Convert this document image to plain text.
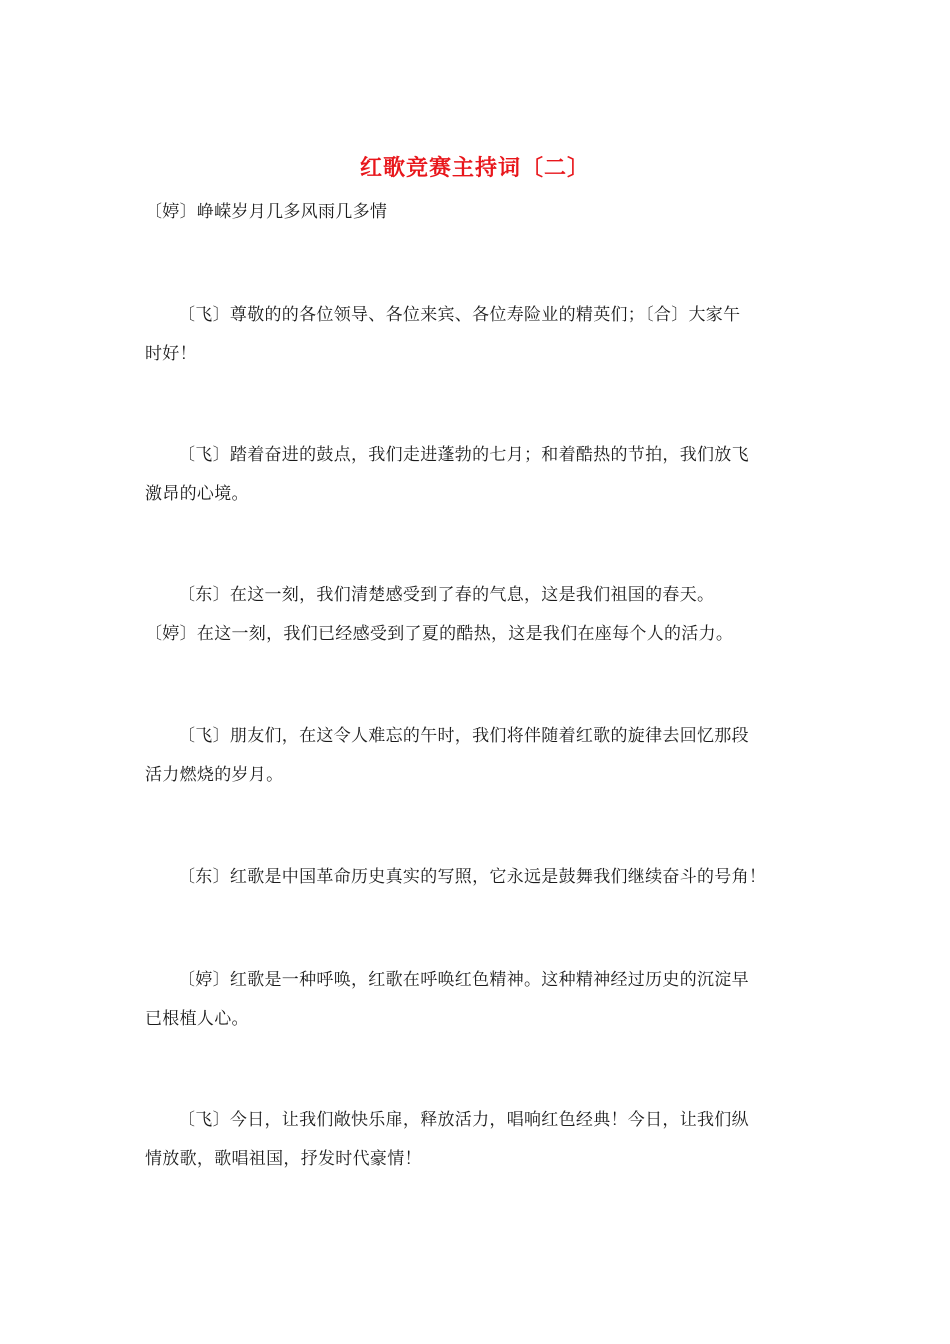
红歌竞赛主持词〔二〕
〔婷〕峥嵘岁月几多风雨几多情
〔飞〕尊敬的的各位领导、各位来宾、各位寿险业的精英们；〔合〕大家午
时好！
〔飞〕踏着奋进的鼓点，我们走进蓬勃的七月；和着酷热的节拍，我们放飞
激昂的心境。
〔东〕在这一刻，我们清楚感受到了春的气息，这是我们祖国的春天。
〔婷〕在这一刻，我们已经感受到了夏的酷热，这是我们在座每个人的活力。
〔飞〕朋友们，在这令人难忘的午时，我们将伴随着红歌的旋律去回忆那段
活力燃烧的岁月。
〔东〕红歌是中国革命历史真实的写照，它永远是鼓舞我们继续奋斗的号角！
〔婷〕红歌是一种呼唤，红歌在呼唤红色精神。这种精神经过历史的沉淀早
已根植人心。
〔飞〕今日，让我们敞快乐扉，释放活力，唱响红色经典！今日，让我们纵
情放歌，歌唱祖国，抒发时代豪情！
